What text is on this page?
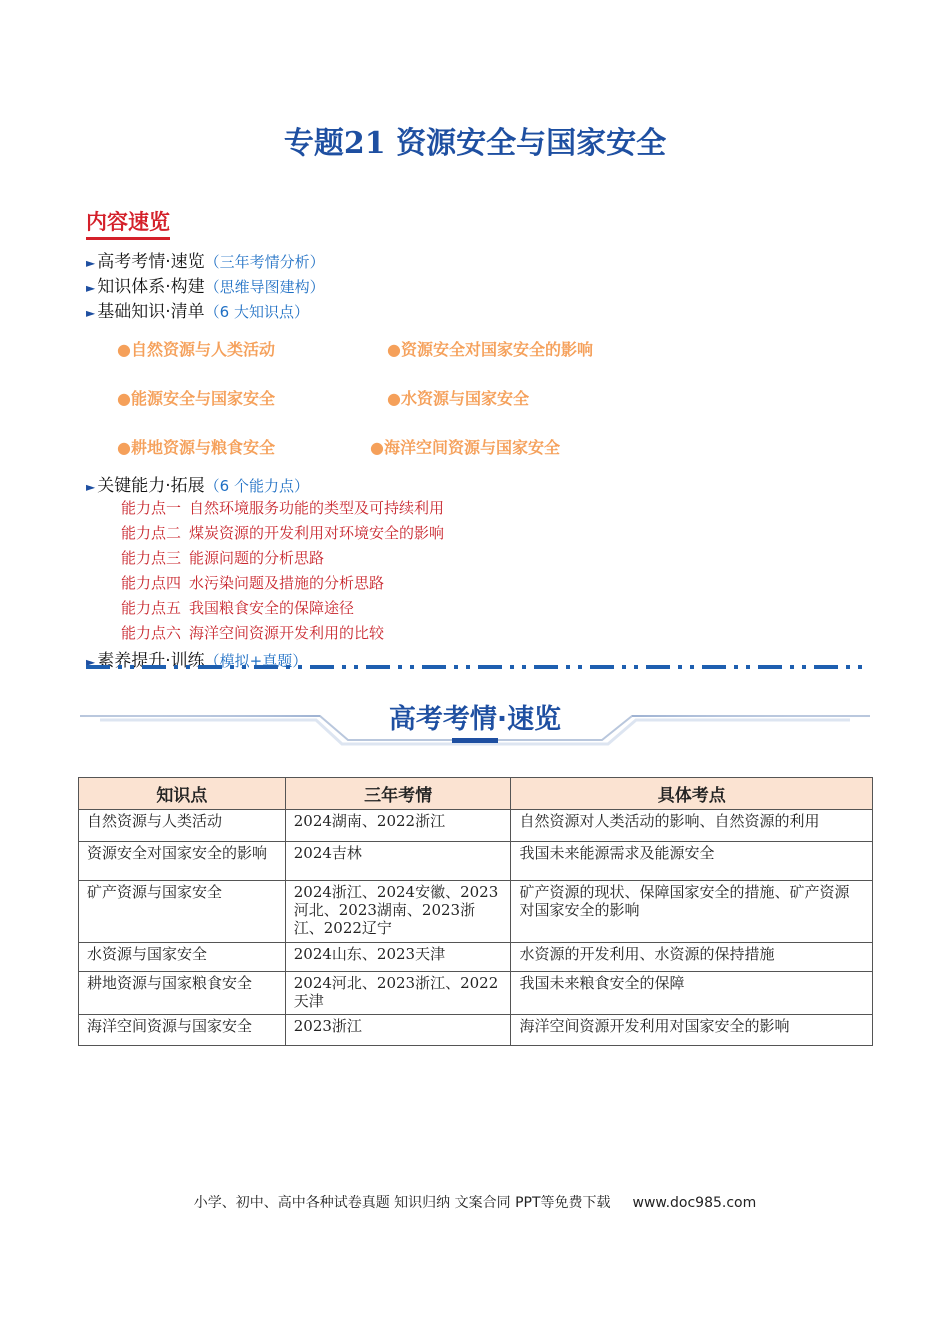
专题21 资源安全与国家安全
内容速览
► 高考考情·速览（三年考情分析）
► 知识体系·构建（思维导图建构）
► 基础知识·清单（6 大知识点）
●自然资源与人类活动	●资源安全对国家安全的影响
●能源安全与国家安全	●水资源与国家安全
●耕地资源与粮食安全	●海洋空间资源与国家安全
► 关键能力·拓展（6 个能力点）
能力点一 自然环境服务功能的类型及可持续利用
能力点二 煤炭资源的开发利用对环境安全的影响
能力点三 能源问题的分析思路
能力点四 水污染问题及措施的分析思路
能力点五 我国粮食安全的保障途径
能力点六 海洋空间资源开发利用的比较
► 素养提升·训练（模拟+真题）
高考考情·速览
知识点	三年考情	具体考点
自然资源与人类活动	2024湖南、2022浙江	自然资源对人类活动的影响、自然资源的利用
资源安全对国家安全的影响	2024吉林	我国未来能源需求及能源安全
矿产资源与国家安全	2024浙江、2024安徽、2023河北、2023湖南、2023浙江、2022辽宁	矿产资源的现状、保障国家安全的措施、矿产资源对国家安全的影响
水资源与国家安全	2024山东、2023天津	水资源的开发利用、水资源的保持措施
耕地资源与国家粮食安全	2024河北、2023浙江、2022天津	我国未来粮食安全的保障
海洋空间资源与国家安全	2023浙江	海洋空间资源开发利用对国家安全的影响
小学、初中、高中各种试卷真题 知识归纳 文案合同 PPT等免费下载 www.doc985.com
